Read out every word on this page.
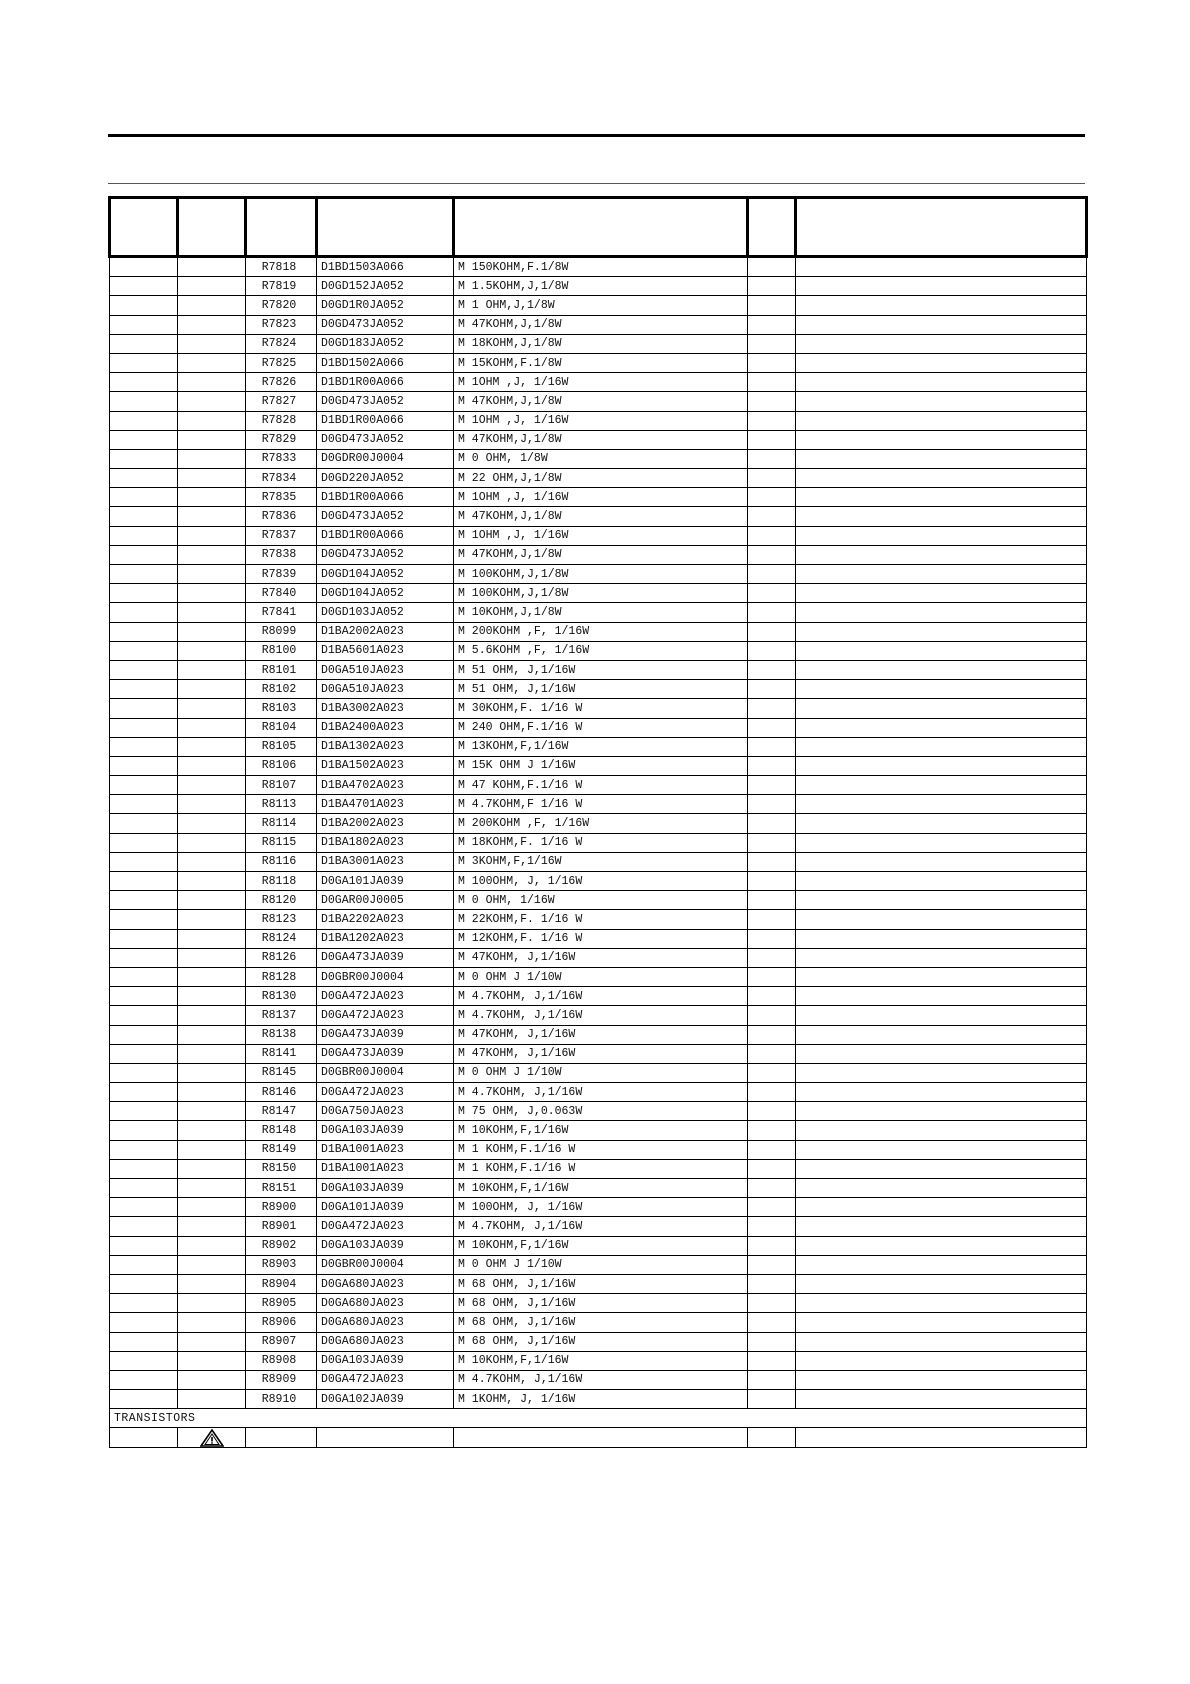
		R7818	D1BD1503A066	M 150KOHM,F.1/8W		
		R7819	D0GD152JA052	M 1.5KOHM,J,1/8W		
		R7820	D0GD1R0JA052	M 1 OHM,J,1/8W		
		R7823	D0GD473JA052	M 47KOHM,J,1/8W		
		R7824	D0GD183JA052	M 18KOHM,J,1/8W		
		R7825	D1BD1502A066	M 15KOHM,F.1/8W		
		R7826	D1BD1R00A066	M 1OHM ,J, 1/16W		
		R7827	D0GD473JA052	M 47KOHM,J,1/8W		
		R7828	D1BD1R00A066	M 1OHM ,J, 1/16W		
		R7829	D0GD473JA052	M 47KOHM,J,1/8W		
		R7833	D0GDR00J0004	M 0 OHM, 1/8W		
		R7834	D0GD220JA052	M 22 OHM,J,1/8W		
		R7835	D1BD1R00A066	M 1OHM ,J, 1/16W		
		R7836	D0GD473JA052	M 47KOHM,J,1/8W		
		R7837	D1BD1R00A066	M 1OHM ,J, 1/16W		
		R7838	D0GD473JA052	M 47KOHM,J,1/8W		
		R7839	D0GD104JA052	M 100KOHM,J,1/8W		
		R7840	D0GD104JA052	M 100KOHM,J,1/8W		
		R7841	D0GD103JA052	M 10KOHM,J,1/8W		
		R8099	D1BA2002A023	M 200KOHM ,F, 1/16W		
		R8100	D1BA5601A023	M 5.6KOHM ,F, 1/16W		
		R8101	D0GA510JA023	M 51 OHM, J,1/16W		
		R8102	D0GA510JA023	M 51 OHM, J,1/16W		
		R8103	D1BA3002A023	M 30KOHM,F. 1/16 W		
		R8104	D1BA2400A023	M 240 OHM,F.1/16 W		
		R8105	D1BA1302A023	M 13KOHM,F,1/16W		
		R8106	D1BA1502A023	M 15K OHM J 1/16W		
		R8107	D1BA4702A023	M 47 KOHM,F.1/16 W		
		R8113	D1BA4701A023	M 4.7KOHM,F 1/16 W		
		R8114	D1BA2002A023	M 200KOHM ,F, 1/16W		
		R8115	D1BA1802A023	M 18KOHM,F. 1/16 W		
		R8116	D1BA3001A023	M 3KOHM,F,1/16W		
		R8118	D0GA101JA039	M 100OHM, J, 1/16W		
		R8120	D0GAR00J0005	M 0 OHM, 1/16W		
		R8123	D1BA2202A023	M 22KOHM,F. 1/16 W		
		R8124	D1BA1202A023	M 12KOHM,F. 1/16 W		
		R8126	D0GA473JA039	M 47KOHM, J,1/16W		
		R8128	D0GBR00J0004	M 0 OHM J 1/10W		
		R8130	D0GA472JA023	M 4.7KOHM, J,1/16W		
		R8137	D0GA472JA023	M 4.7KOHM, J,1/16W		
		R8138	D0GA473JA039	M 47KOHM, J,1/16W		
		R8141	D0GA473JA039	M 47KOHM, J,1/16W		
		R8145	D0GBR00J0004	M 0 OHM J 1/10W		
		R8146	D0GA472JA023	M 4.7KOHM, J,1/16W		
		R8147	D0GA750JA023	M 75 OHM, J,0.063W		
		R8148	D0GA103JA039	M 10KOHM,F,1/16W		
		R8149	D1BA1001A023	M 1 KOHM,F.1/16 W		
		R8150	D1BA1001A023	M 1 KOHM,F.1/16 W		
		R8151	D0GA103JA039	M 10KOHM,F,1/16W		
		R8900	D0GA101JA039	M 100OHM, J, 1/16W		
		R8901	D0GA472JA023	M 4.7KOHM, J,1/16W		
		R8902	D0GA103JA039	M 10KOHM,F,1/16W		
		R8903	D0GBR00J0004	M 0 OHM J 1/10W		
		R8904	D0GA680JA023	M 68 OHM, J,1/16W		
		R8905	D0GA680JA023	M 68 OHM, J,1/16W		
		R8906	D0GA680JA023	M 68 OHM, J,1/16W		
		R8907	D0GA680JA023	M 68 OHM, J,1/16W		
		R8908	D0GA103JA039	M 10KOHM,F,1/16W		
		R8909	D0GA472JA023	M 4.7KOHM, J,1/16W		
		R8910	D0GA102JA039	M 1KOHM, J, 1/16W		
TRANSISTORS						
